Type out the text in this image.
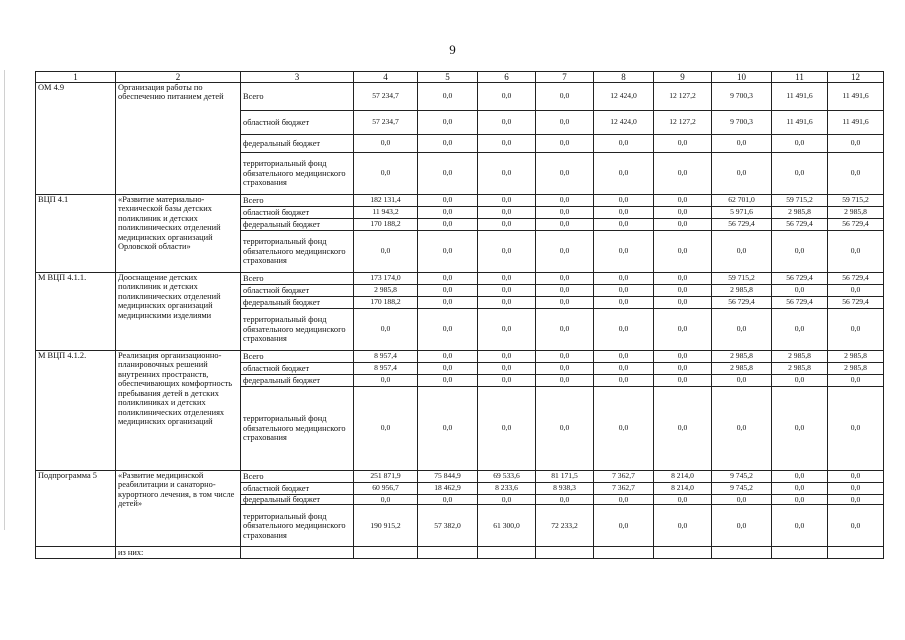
9
1	2	3	4	5	6	7	8	9	10	11	12
ОМ 4.9	Организация работы по обеспечению питанием детей	Всего	57 234,7	0,0	0,0	0,0	12 424,0	12 127,2	9 700,3	11 491,6	11 491,6
		областной бюджет	57 234,7	0,0	0,0	0,0	12 424,0	12 127,2	9 700,3	11 491,6	11 491,6
		федеральный бюджет	0,0	0,0	0,0	0,0	0,0	0,0	0,0	0,0	0,0
		территориальный фонд обязательного медицинского страхования	0,0	0,0	0,0	0,0	0,0	0,0	0,0	0,0	0,0
ВЦП 4.1	«Развитие материально-технической базы детских поликлиник и детских поликлинических отделений медицинских организаций Орловской области»	Всего	182 131,4	0,0	0,0	0,0	0,0	0,0	62 701,0	59 715,2	59 715,2
		областной бюджет	11 943,2	0,0	0,0	0,0	0,0	0,0	5 971,6	2 985,8	2 985,8
		федеральный бюджет	170 188,2	0,0	0,0	0,0	0,0	0,0	56 729,4	56 729,4	56 729,4
		территориальный фонд обязательного медицинского страхования	0,0	0,0	0,0	0,0	0,0	0,0	0,0	0,0	0,0
М ВЦП 4.1.1.	Дооснащение детских поликлиник и детских поликлинических отделений медицинских организаций медицинскими изделиями	Всего	173 174,0	0,0	0,0	0,0	0,0	0,0	59 715,2	56 729,4	56 729,4
		областной бюджет	2 985,8	0,0	0,0	0,0	0,0	0,0	2 985,8	0,0	0,0
		федеральный бюджет	170 188,2	0,0	0,0	0,0	0,0	0,0	56 729,4	56 729,4	56 729,4
		территориальный фонд обязательного медицинского страхования	0,0	0,0	0,0	0,0	0,0	0,0	0,0	0,0	0,0
М ВЦП 4.1.2.	Реализация организационно-планировочных решений внутренних пространств, обеспечивающих комфортность пребывания детей в детских поликлиниках и детских поликлинических отделениях медицинских организаций	Всего	8 957,4	0,0	0,0	0,0	0,0	0,0	2 985,8	2 985,8	2 985,8
		областной бюджет	8 957,4	0,0	0,0	0,0	0,0	0,0	2 985,8	2 985,8	2 985,8
		федеральный бюджет	0,0	0,0	0,0	0,0	0,0	0,0	0,0	0,0	0,0
		территориальный фонд обязательного медицинского страхования	0,0	0,0	0,0	0,0	0,0	0,0	0,0	0,0	0,0
Подпрограмма 5	«Развитие медицинской реабилитации и санаторно-курортного лечения, в том числе детей»	Всего	251 871,9	75 844,9	69 533,6	81 171,5	7 362,7	8 214,0	9 745,2	0,0	0,0
		областной бюджет	60 956,7	18 462,9	8 233,6	8 938,3	7 362,7	8 214,0	9 745,2	0,0	0,0
		федеральный бюджет	0,0	0,0	0,0	0,0	0,0	0,0	0,0	0,0	0,0
		территориальный фонд обязательного медицинского страхования	190 915,2	57 382,0	61 300,0	72 233,2	0,0	0,0	0,0	0,0	0,0
	из них:										
